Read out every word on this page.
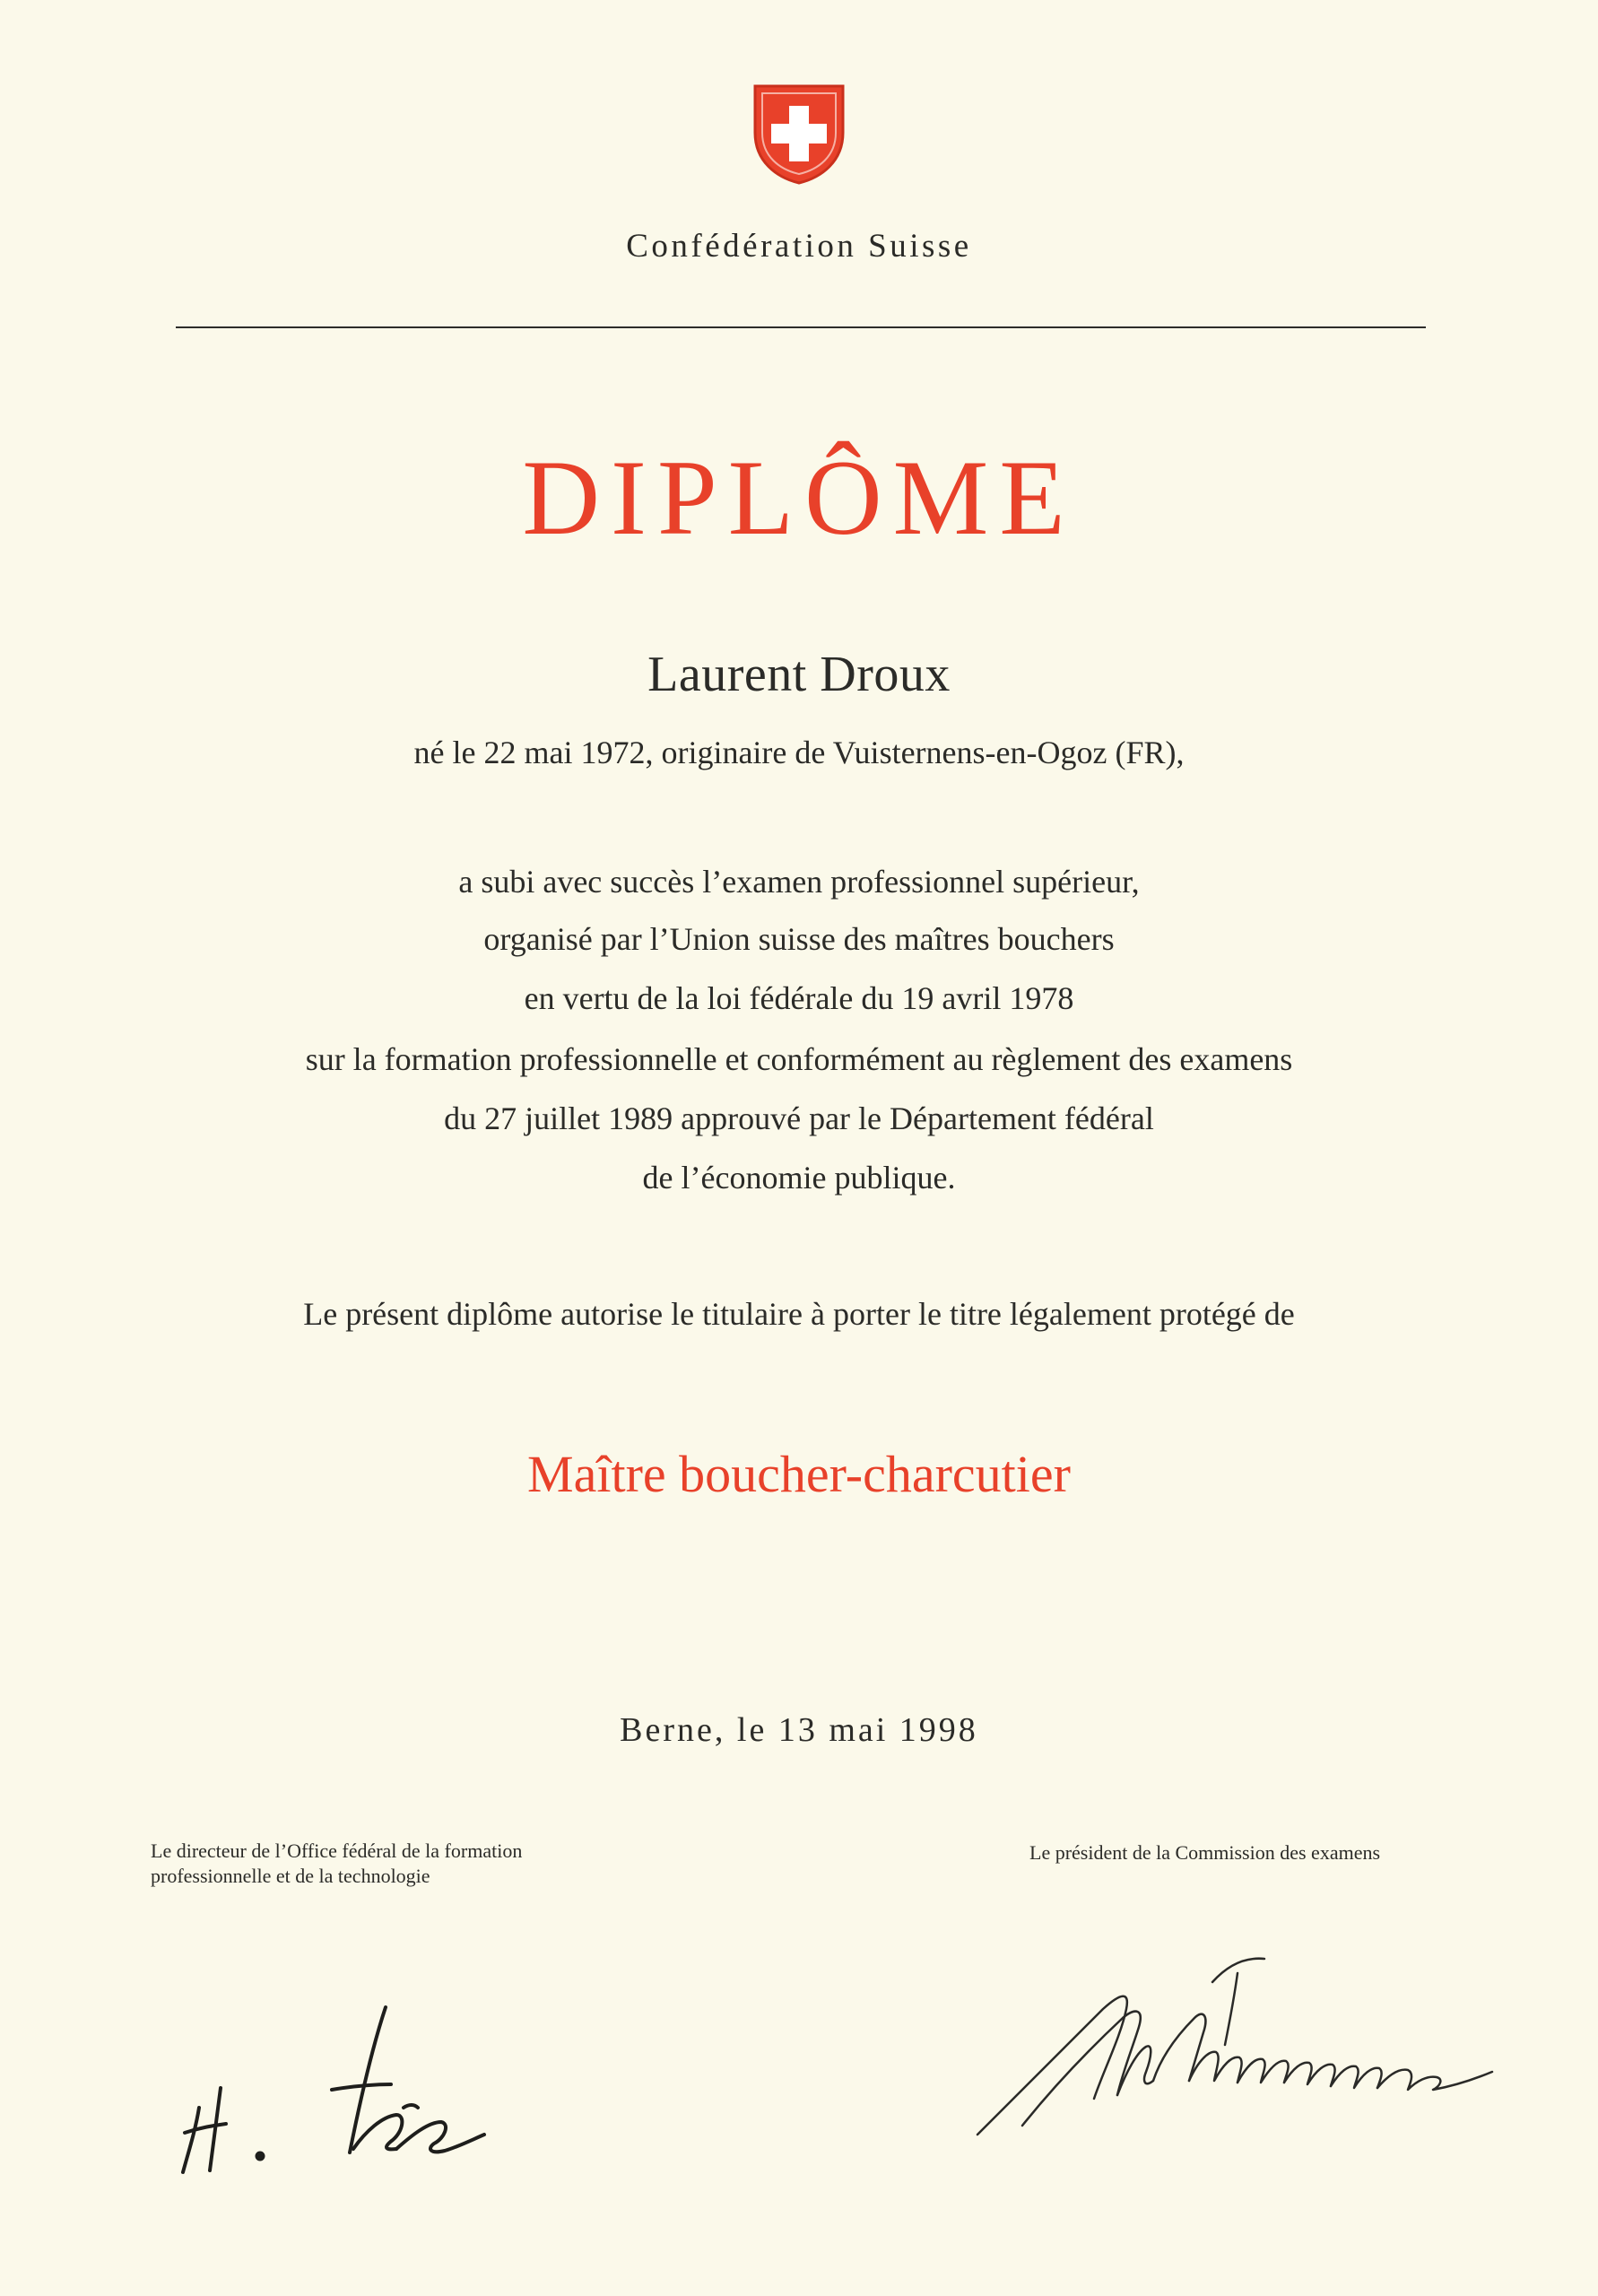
Confédération Suisse
DIPLÔME
Laurent Droux
né le 22 mai 1972, originaire de Vuisternens-en-Ogoz (FR),
a subi avec succès l’examen professionnel supérieur,
organisé par l’Union suisse des maîtres bouchers
en vertu de la loi fédérale du 19 avril 1978
sur la formation professionnelle et conformément au règlement des examens
du 27 juillet 1989 approuvé par le Département fédéral
de l’économie publique.
Le présent diplôme autorise le titulaire à porter le titre légalement protégé de
Maître boucher-charcutier
Berne, le 13 mai 1998
Le directeur de l’Office fédéral de la formation professionnelle et de la technologie
Le président de la Commission des examens
